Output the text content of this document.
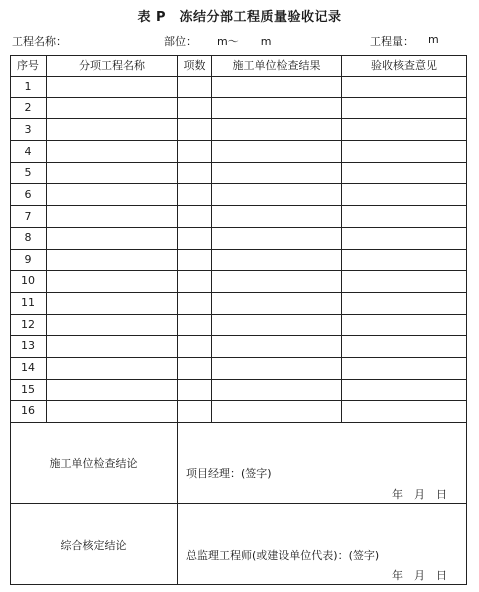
表 P　冻结分部工程质量验收记录
工程名称：	部位： m～　　m	工程量： m
序号	分项工程名称	项数	施工单位检查结果	验收核查意见
1
2
3
4
5
6
7
8
9
10
11
12
13
14
15
16
施工单位检查结论
项目经理：(签字)
年　月　日
综合核定结论
总监理工程师(或建设单位代表)：(签字)
年　月　日
